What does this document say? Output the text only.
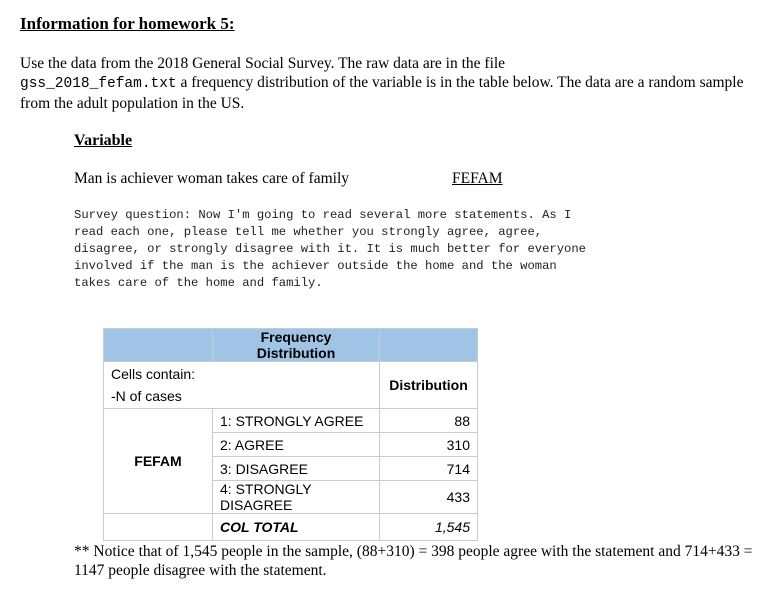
Information for homework 5:
Use the data from the 2018 General Social Survey. The raw data are in the file
gss_2018_fefam.txt a frequency distribution of the variable is in the table below. The data are a random sample from the adult population in the US.
Variable
Man is achiever woman takes care of family	FEFAM
Survey question: Now I'm going to read several more statements. As I
read each one, please tell me whether you strongly agree, agree,
disagree, or strongly disagree with it. It is much better for everyone
involved if the man is the achiever outside the home and the woman
takes care of the home and family.
	Frequency Distribution	

Cells contain:
-N of cases		Distribution
FEFAM	1: STRONGLY AGREE	88
	2: AGREE	310
	3: DISAGREE	714
	4: STRONGLY DISAGREE	433
	COL TOTAL	1,545
** Notice that of 1,545 people in the sample, (88+310) = 398 people agree with the statement and 714+433 = 1147 people disagree with the statement.
